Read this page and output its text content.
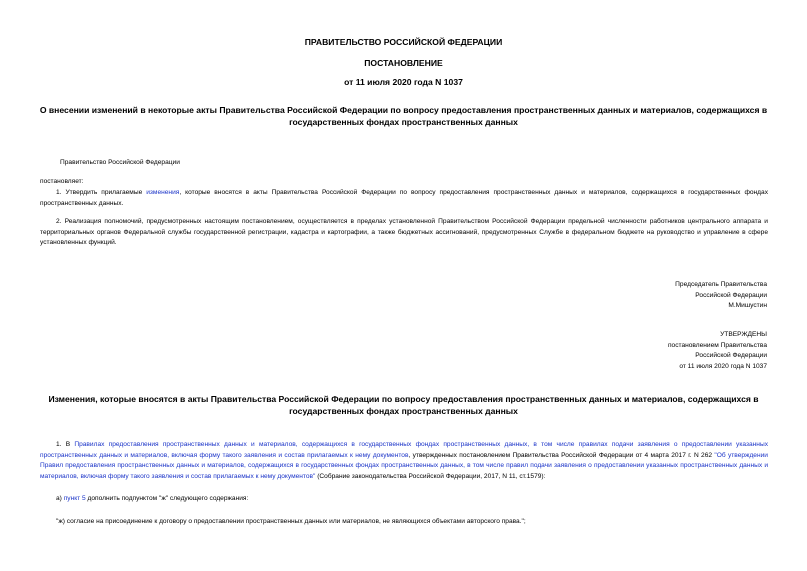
ПРАВИТЕЛЬСТВО РОССИЙСКОЙ ФЕДЕРАЦИИ
ПОСТАНОВЛЕНИЕ
от 11 июля 2020 года N 1037
О внесении изменений в некоторые акты Правительства Российской Федерации по вопросу предоставления пространственных данных и материалов, содержащихся в государственных фондах пространственных данных
Правительство Российской Федерации
постановляет:
1. Утвердить прилагаемые изменения, которые вносятся в акты Правительства Российской Федерации по вопросу предоставления пространственных данных и материалов, содержащихся в государственных фондах пространственных данных.
2. Реализация полномочий, предусмотренных настоящим постановлением, осуществляется в пределах установленной Правительством Российской Федерации предельной численности работников центрального аппарата и территориальных органов Федеральной службы государственной регистрации, кадастра и картографии, а также бюджетных ассигнований, предусмотренных Службе в федеральном бюджете на руководство и управление в сфере установленных функций.
Председатель Правительства
Российской Федерации
М.Мишустин
УТВЕРЖДЕНЫ
постановлением Правительства
Российской Федерации
от 11 июля 2020 года N 1037
Изменения, которые вносятся в акты Правительства Российской Федерации по вопросу предоставления пространственных данных и материалов, содержащихся в государственных фондах пространственных данных
1. В Правилах предоставления пространственных данных и материалов, содержащихся в государственных фондах пространственных данных, в том числе правилах подачи заявления о предоставлении указанных пространственных данных и материалов, включая форму такого заявления и состав прилагаемых к нему документов, утвержденных постановлением Правительства Российской Федерации от 4 марта 2017 г. N 262 "Об утверждении Правил предоставления пространственных данных и материалов, содержащихся в государственных фондах пространственных данных, в том числе правил подачи заявления о предоставлении указанных пространственных данных и материалов, включая форму такого заявления и состав прилагаемых к нему документов" (Собрание законодательства Российской Федерации, 2017, N 11, ст.1579):
а) пункт 5 дополнить подпунктом "ж" следующего содержания:
"ж) согласие на присоединение к договору о предоставлении пространственных данных или материалов, не являющихся объектами авторского права.";
